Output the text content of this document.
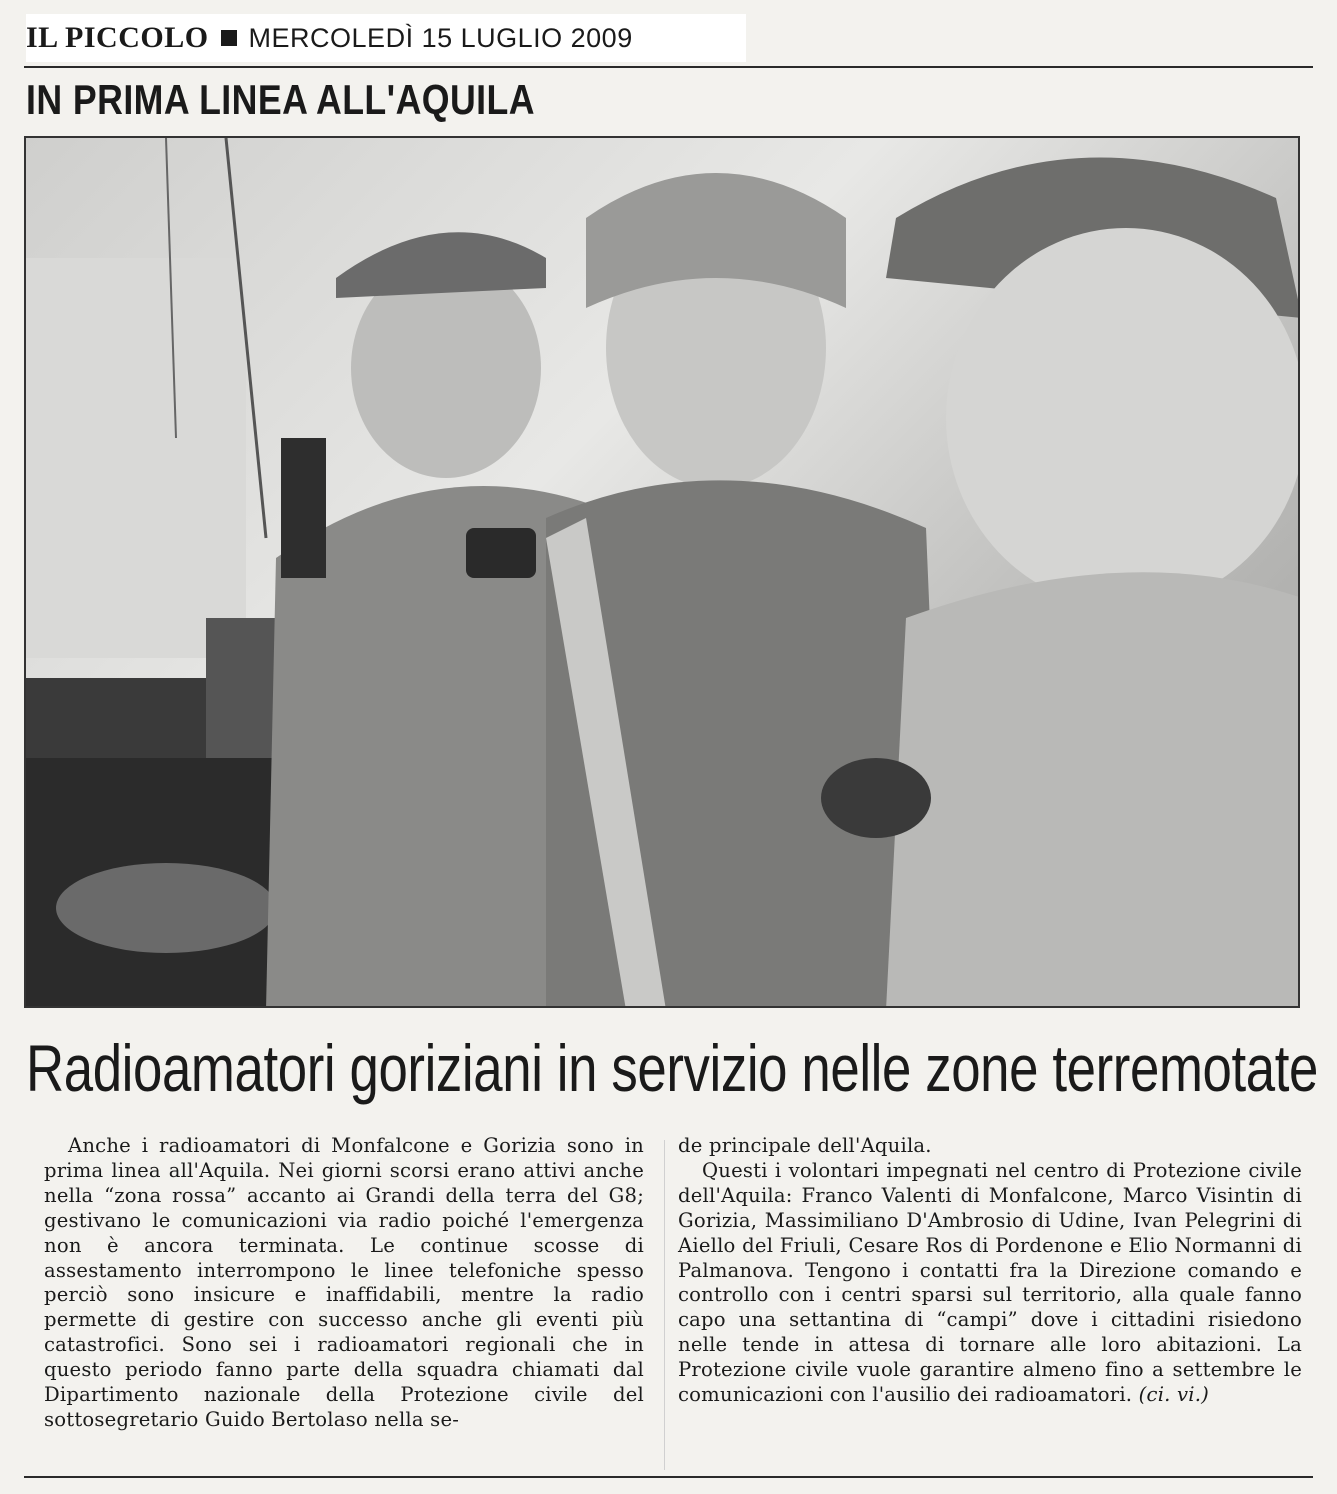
IL PICCOLO MERCOLEDÌ 15 LUGLIO 2009
IN PRIMA LINEA ALL'AQUILA
Radioamatori goriziani in servizio nelle zone terremotate
Anche i radioamatori di Monfalcone e Gorizia sono in prima linea all'Aquila. Nei giorni scorsi erano attivi anche nella “zona rossa” accanto ai Grandi della terra del G8; gestivano le comunicazioni via radio poiché l'emergenza non è ancora terminata. Le continue scosse di assestamento interrompono le linee telefoniche spesso perciò sono insicure e inaffidabili, mentre la radio permette di gestire con successo anche gli eventi più catastrofici. Sono sei i radioamatori regionali che in questo periodo fanno parte della squadra chiamati dal Dipartimento nazionale della Protezione civile del sottosegretario Guido Bertolaso nella se-

de principale dell'Aquila.

Questi i volontari impegnati nel centro di Protezione civile dell'Aquila: Franco Valenti di Monfalcone, Marco Visintin di Gorizia, Massimiliano D'Ambrosio di Udine, Ivan Pelegrini di Aiello del Friuli, Cesare Ros di Pordenone e Elio Normanni di Palmanova. Tengono i contatti fra la Direzione comando e controllo con i centri sparsi sul territorio, alla quale fanno capo una settantina di “campi” dove i cittadini risiedono nelle tende in attesa di tornare alle loro abitazioni. La Protezione civile vuole garantire almeno fino a settembre le comunicazioni con l'ausilio dei radioamatori. (ci. vi.)
